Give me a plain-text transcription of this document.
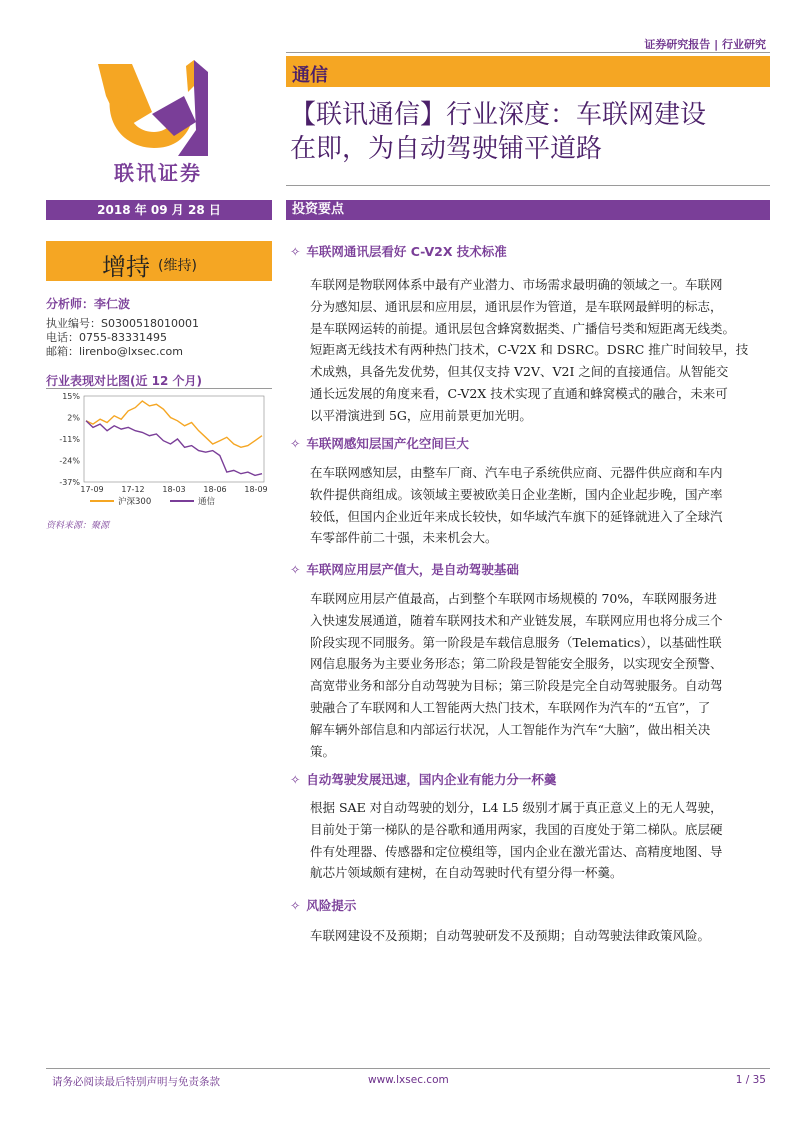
证券研究报告 | 行业研究
通信
【联讯通信】行业深度：车联网建设
在即，为自动驾驶铺平道路
联讯证券
2018 年 09 月 28 日
增持 (维持)
分析师：李仁波
执业编号：S0300518010001
电话：0755-83331495
邮箱：lirenbo@lxsec.com
行业表现对比图(近 12 个月)
15%
2%
-11%
-24%
-37%
17-09 17-12 18-03 18-06 18-09
沪深300	通信
资料来源：聚源
投资要点
✧ 车联网通讯层看好 C-V2X 技术标准
车联网是物联网体系中最有产业潜力、市场需求最明确的领域之一。车联网
分为感知层、通讯层和应用层，通讯层作为管道，是车联网最鲜明的标志，
是车联网运转的前提。通讯层包含蜂窝数据类、广播信号类和短距离无线类。
短距离无线技术有两种热门技术，C-V2X 和 DSRC。DSRC 推广时间较早，技
术成熟，具备先发优势，但其仅支持 V2V、V2I 之间的直接通信。从智能交
通长远发展的角度来看，C-V2X 技术实现了直通和蜂窝模式的融合，未来可
以平滑演进到 5G，应用前景更加光明。
✧ 车联网感知层国产化空间巨大
在车联网感知层，由整车厂商、汽车电子系统供应商、元器件供应商和车内
软件提供商组成。该领域主要被欧美日企业垄断，国内企业起步晚，国产率
较低，但国内企业近年来成长较快，如华域汽车旗下的延锋就进入了全球汽
车零部件前二十强，未来机会大。
✧ 车联网应用层产值大，是自动驾驶基础
车联网应用层产值最高，占到整个车联网市场规模的 70%，车联网服务进
入快速发展通道，随着车联网技术和产业链发展，车联网应用也将分成三个
阶段实现不同服务。第一阶段是车载信息服务（Telematics），以基础性联
网信息服务为主要业务形态；第二阶段是智能安全服务，以实现安全预警、
高宽带业务和部分自动驾驶为目标；第三阶段是完全自动驾驶服务。自动驾
驶融合了车联网和人工智能两大热门技术，车联网作为汽车的“五官”，了
解车辆外部信息和内部运行状况，人工智能作为汽车“大脑”，做出相关决
策。
✧ 自动驾驶发展迅速，国内企业有能力分一杯羹
根据 SAE 对自动驾驶的划分，L4 L5 级别才属于真正意义上的无人驾驶，
目前处于第一梯队的是谷歌和通用两家，我国的百度处于第二梯队。底层硬
件有处理器、传感器和定位模组等，国内企业在激光雷达、高精度地图、导
航芯片领域颇有建树，在自动驾驶时代有望分得一杯羹。
✧ 风险提示
车联网建设不及预期；自动驾驶研发不及预期；自动驾驶法律政策风险。
请务必阅读最后特别声明与免责条款	www.lxsec.com	1 / 35
